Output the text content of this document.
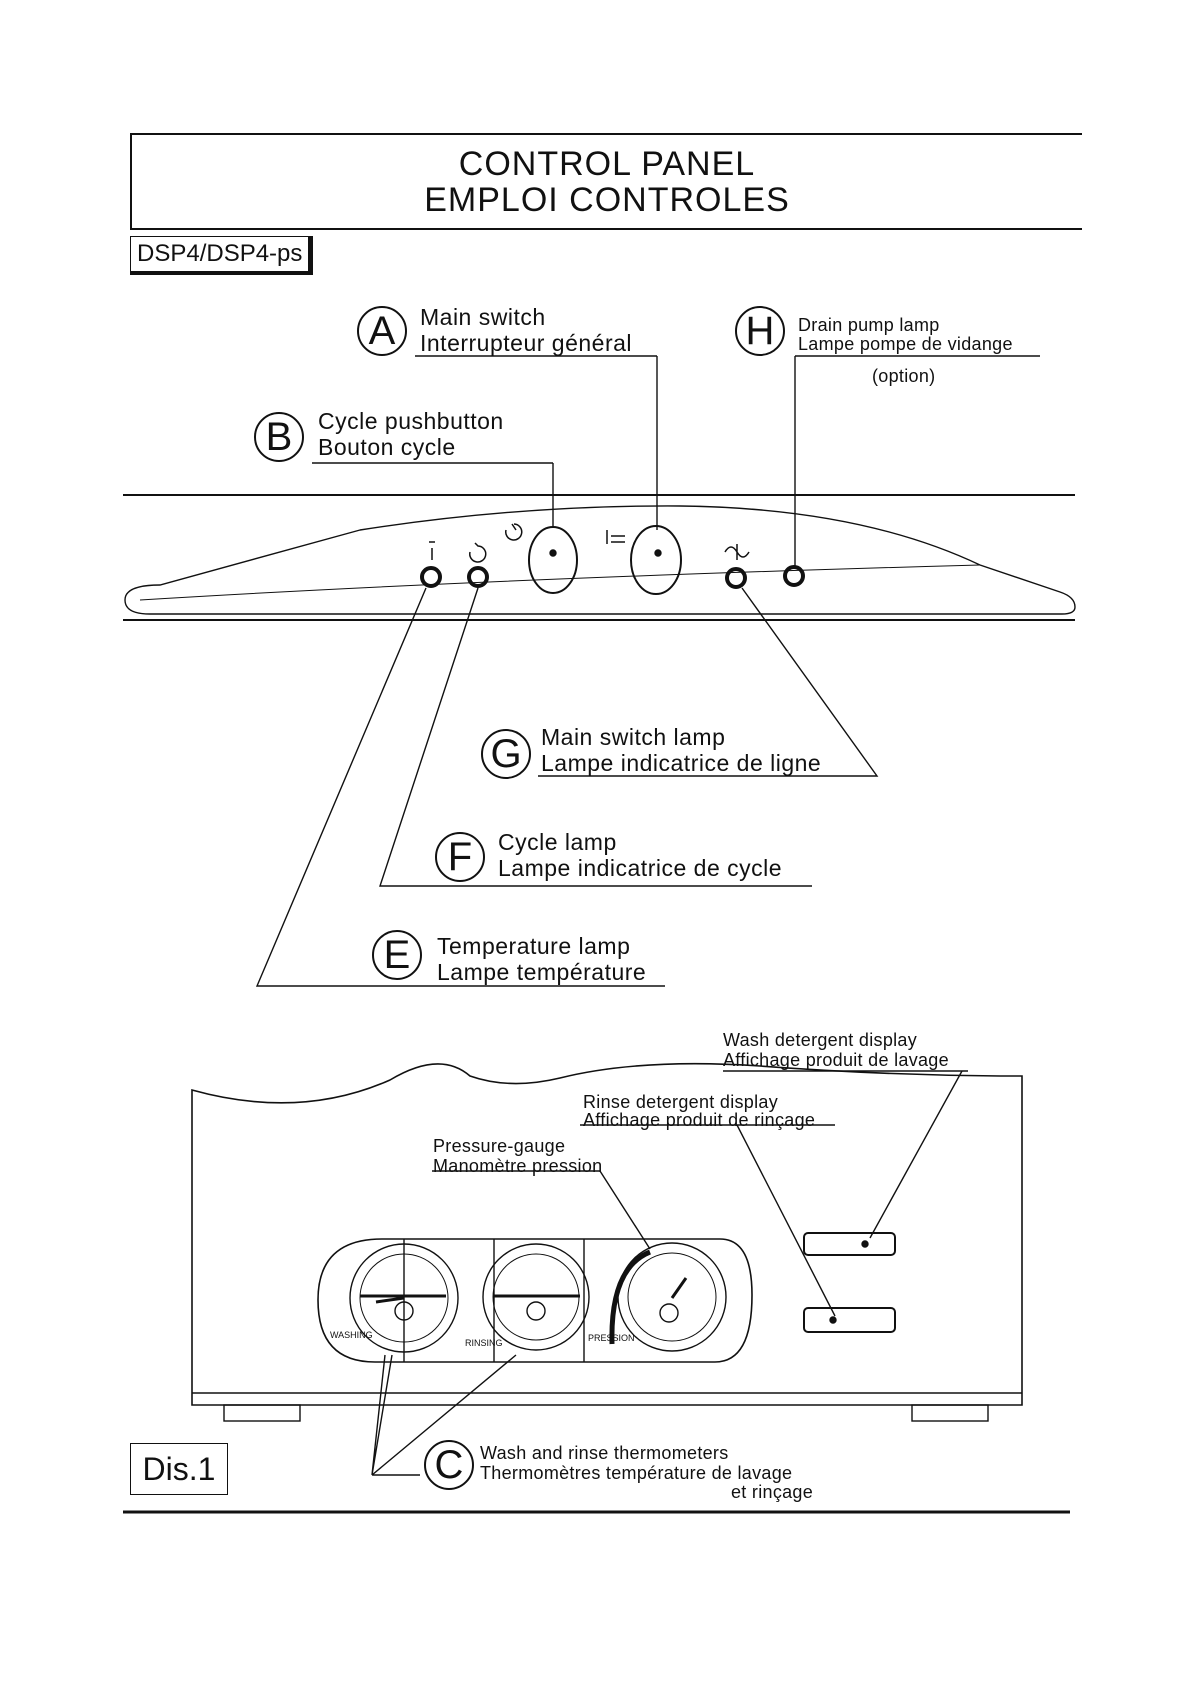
CONTROL PANEL
EMPLOI CONTROLES
DSP4/DSP4-ps
PRESSION
WASHING
RINSING
A	Main switch
Interrupteur général	H	Drain pump lamp
Lampe pompe de vidange
(option)
B	Cycle pushbutton
Bouton cycle
G Main switch lamp
Lampe indicatrice de ligne
F	Cycle lamp
Lampe indicatrice de cycle
E	Temperature lamp
Lampe température
Wash detergent display
Affichage produit de lavage
Rinse detergent display
Affichage produit de rinçage
Pressure-gauge
Manomètre pression
C Wash and rinse thermometers
Thermomètres température de lavage
et rinçage
Dis.1
